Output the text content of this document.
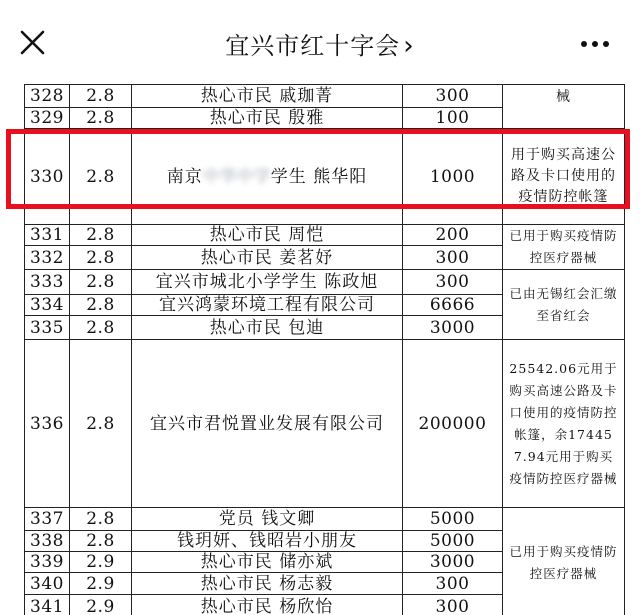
宜兴市红十字会 ›
328	2.8	热心市民 戚珈菁	300	械
329	2.8	热心市民 殷雅	100	
330	2.8	南京中华中学学生 熊华阳	1000	用于购买高速公路及卡口使用的疫情防控帐篷
331	2.8	热心市民 周恺	200	已用于购买疫情防控医疗器械
332	2.8	热心市民 姜茗妤	300	
333	2.8	宜兴市城北小学学生 陈政旭	300	已由无锡红会汇缴至省红会
334	2.8	宜兴鸿蒙环境工程有限公司	6666	
335	2.8	热心市民 包迪	3000	
336	2.8	宜兴市君悦置业发展有限公司	200000	25542.06元用于购买高速公路及卡口使用的疫情防控帐篷，余174457.94元用于购买疫情防控医疗器械
337	2.8	党员 钱文卿	5000	已用于购买疫情防控医疗器械
338	2.8	钱玥妍、钱昭岩小朋友	5000	
339	2.9	热心市民 储亦斌	3000	
340	2.9	热心市民 杨志毅	300	
341	2.9	热心市民 杨欣怡	300	
